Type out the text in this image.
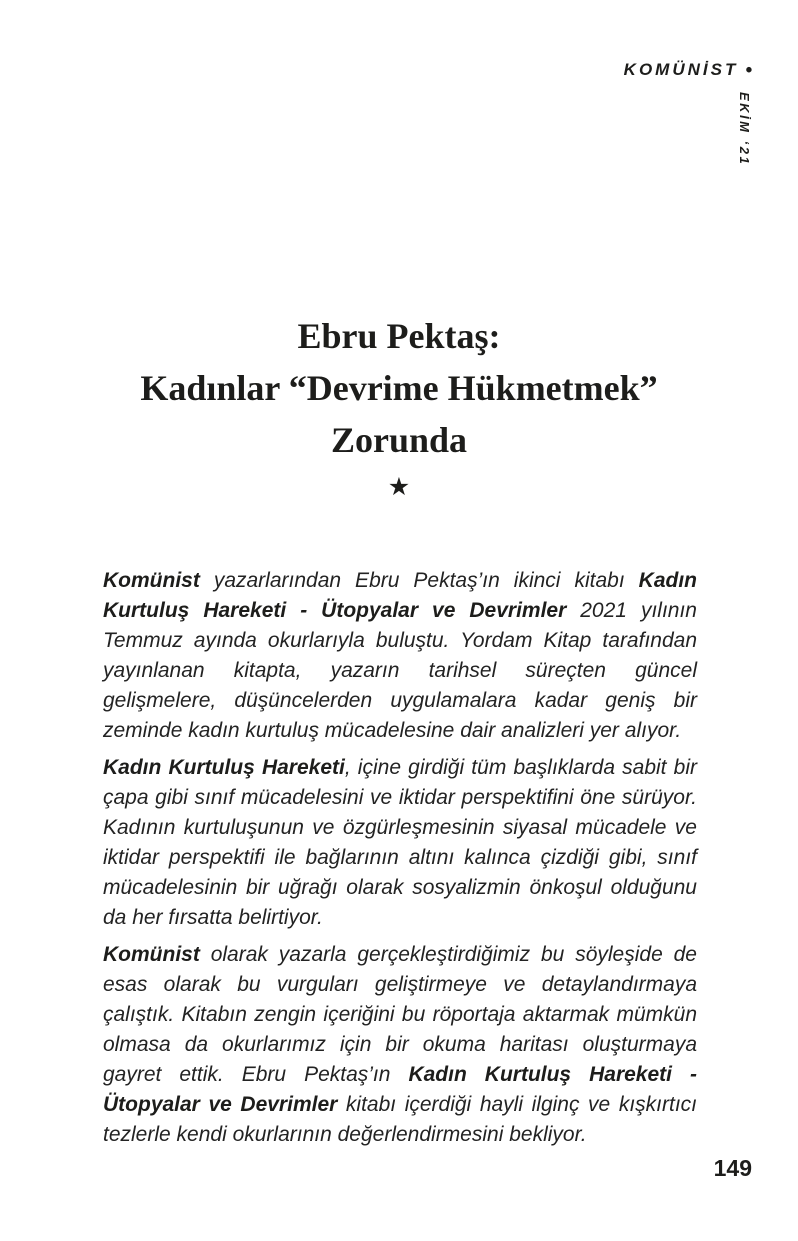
KOMÜNİST •
EKİM ‘21
Ebru Pektaş:
Kadınlar “Devrime Hükmetmek”
Zorunda
★

Komünist yazarlarından Ebru Pektaş’ın ikinci kitabı Kadın Kurtuluş Hareketi - Ütopyalar ve Devrimler 2021 yılının Temmuz ayında okurlarıyla buluştu. Yordam Kitap tarafından yayınlanan kitapta, yazarın tarihsel süreçten güncel gelişmelere, düşüncelerden uygulamalara kadar geniş bir zeminde kadın kurtuluş mücadelesine dair analizleri yer alıyor.

Kadın Kurtuluş Hareketi, içine girdiği tüm başlıklarda sabit bir çapa gibi sınıf mücadelesini ve iktidar perspektifini öne sürüyor. Kadının kurtuluşunun ve özgürleşmesinin siyasal mücadele ve iktidar perspektifi ile bağlarının altını kalınca çizdiği gibi, sınıf mücadelesinin bir uğrağı olarak sosyalizmin önkoşul olduğunu da her fırsatta belirtiyor.

Komünist olarak yazarla gerçekleştirdiğimiz bu söyleşide de esas olarak bu vurguları geliştirmeye ve detaylandırmaya çalıştık. Kitabın zengin içeriğini bu röportaja aktarmak mümkün olmasa da okurlarımız için bir okuma haritası oluşturmaya gayret ettik. Ebru Pektaş’ın Kadın Kurtuluş Hareketi - Ütopyalar ve Devrimler kitabı içerdiği hayli ilginç ve kışkırtıcı tezlerle kendi okurlarının değerlendirmesini bekliyor.

149
